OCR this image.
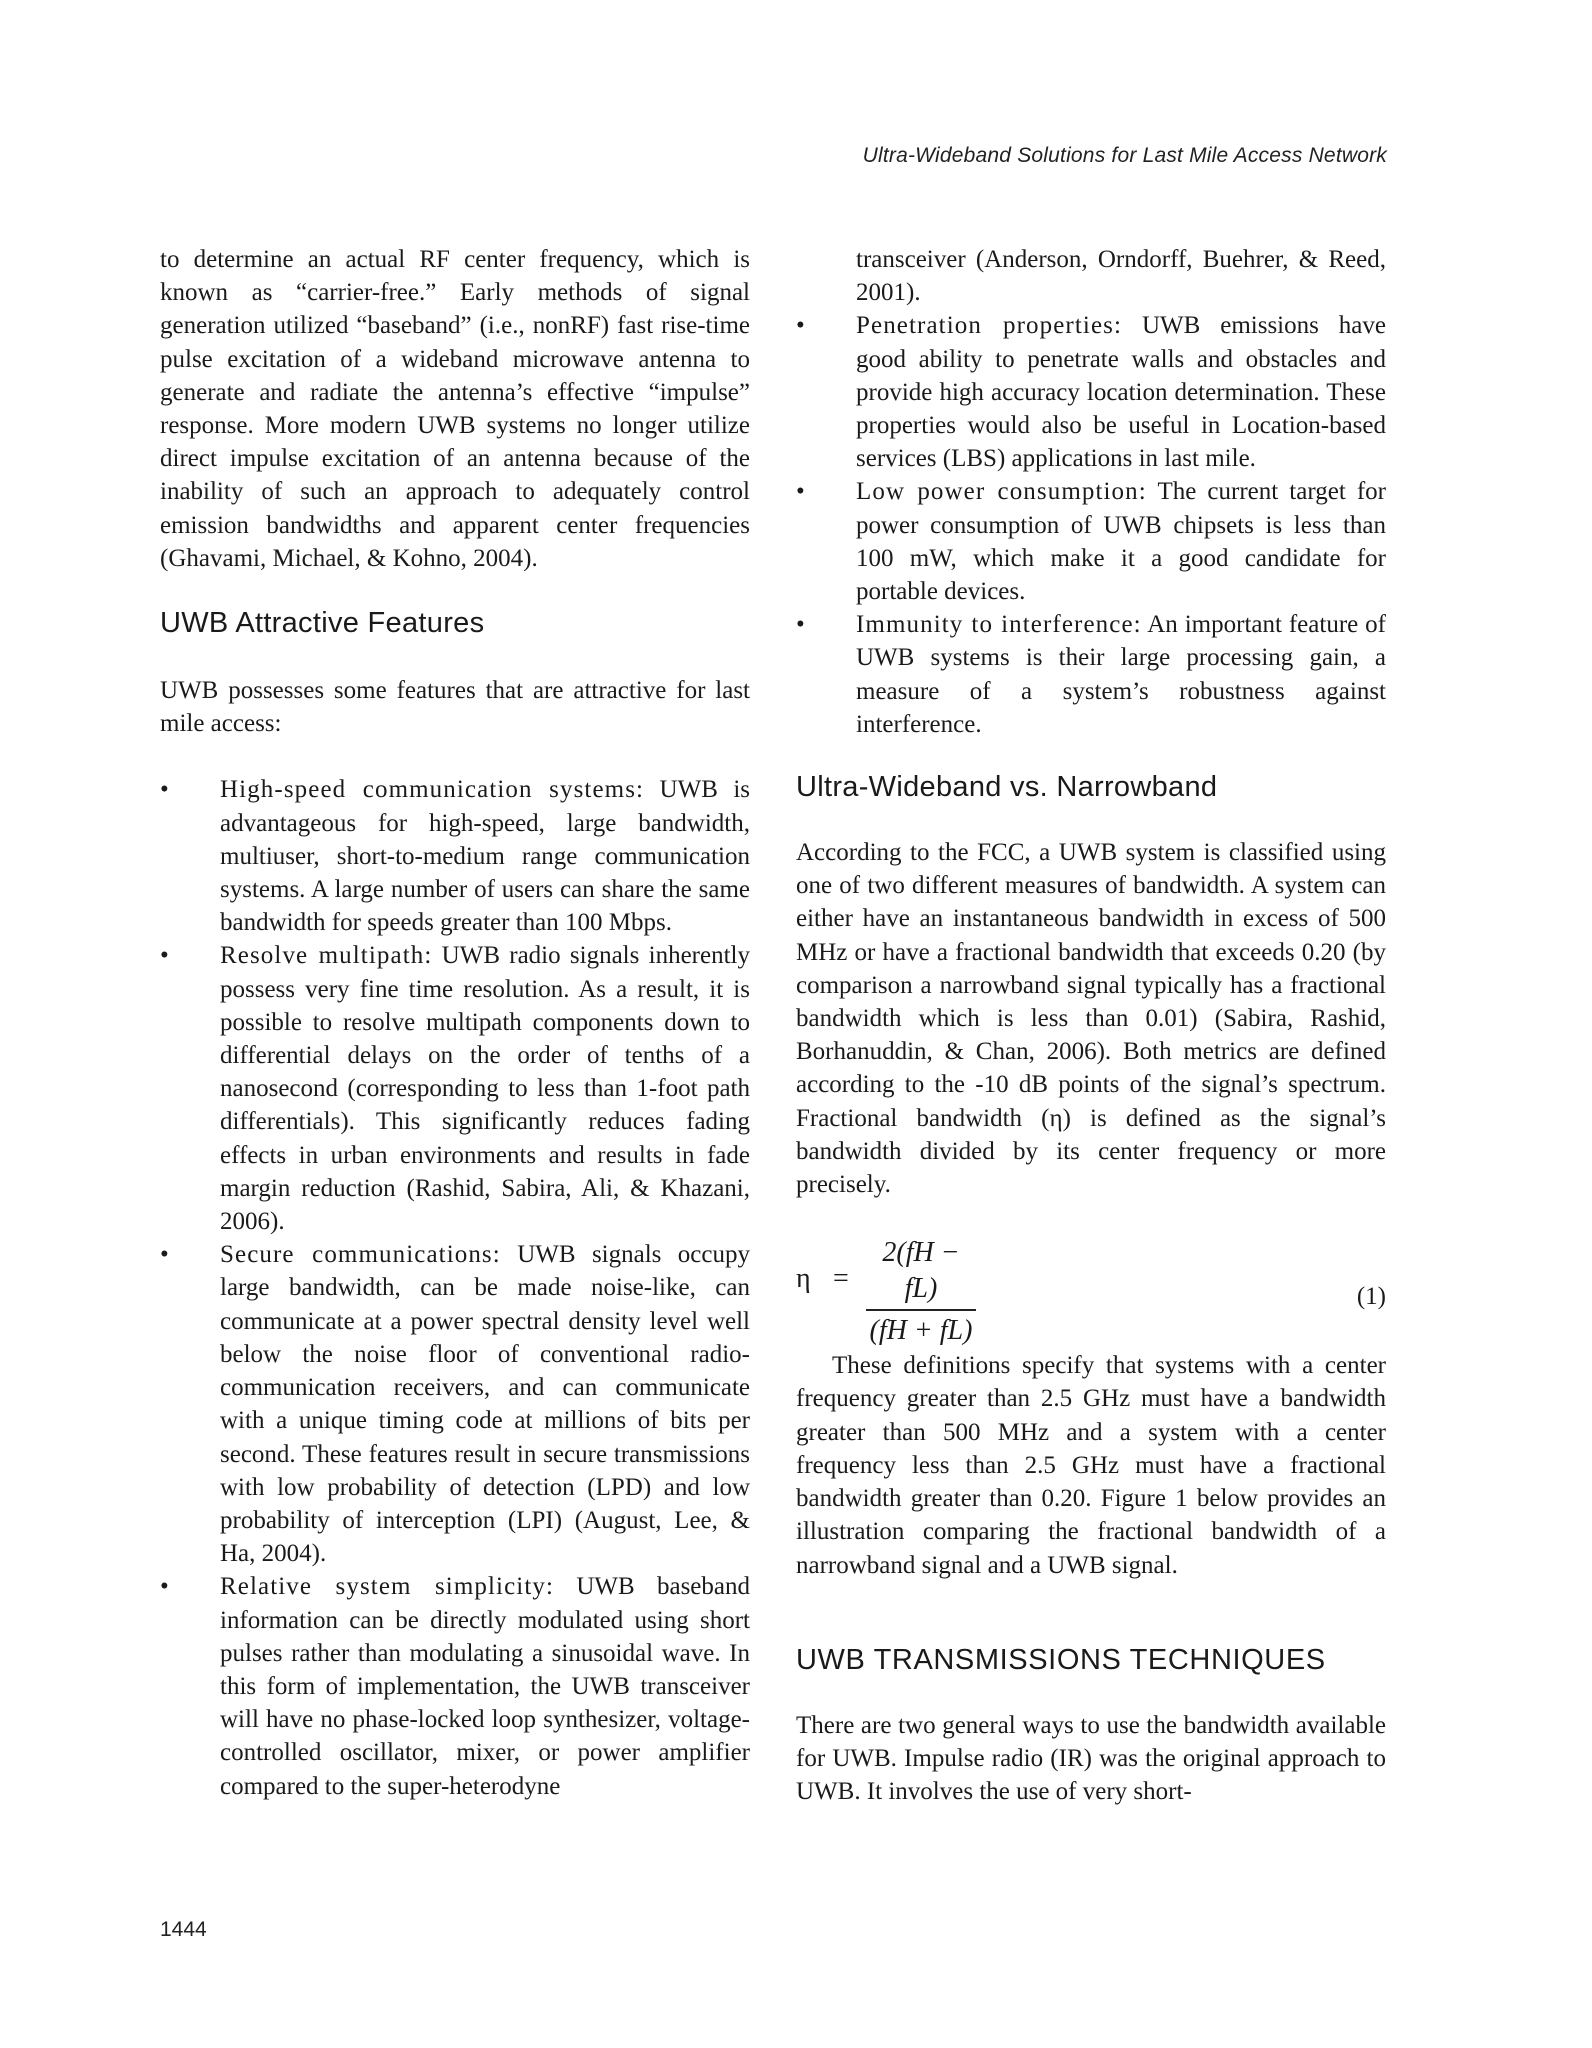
Ultra-Wideband Solutions for Last Mile Access Network

to determine an actual RF center frequency, which is known as “carrier-free.” Early methods of signal generation utilized “baseband” (i.e., nonRF) fast rise-time pulse excitation of a wideband microwave antenna to generate and radiate the antenna’s effective “impulse” response. More modern UWB systems no longer utilize direct impulse excitation of an antenna because of the inability of such an approach to adequately control emission bandwidths and apparent center frequencies (Ghavami, Michael, & Kohno, 2004).

UWB Attractive Features

UWB possesses some features that are attractive for last mile access:

•	High-speed communication systems: UWB is advantageous for high-speed, large bandwidth, multiuser, short-to-medium range communication systems. A large number of users can share the same bandwidth for speeds greater than 100 Mbps.
•	Resolve multipath: UWB radio signals inherently possess very fine time resolution. As a result, it is possible to resolve multipath components down to differential delays on the order of tenths of a nanosecond (corresponding to less than 1-foot path differentials). This significantly reduces fading effects in urban environments and results in fade margin reduction (Rashid, Sabira, Ali, & Khazani, 2006).
•	Secure communications: UWB signals occupy large bandwidth, can be made noise-like, can communicate at a power spectral density level well below the noise floor of conventional radio-communication receivers, and can communicate with a unique timing code at millions of bits per second. These features result in secure transmissions with low probability of detection (LPD) and low probability of interception (LPI) (August, Lee, & Ha, 2004).
•	Relative system simplicity: UWB baseband information can be directly modulated using short pulses rather than modulating a sinusoidal wave. In this form of implementation, the UWB transceiver will have no phase-locked loop synthesizer, voltage-controlled oscillator, mixer, or power amplifier compared to the super-heterodyne

transceiver (Anderson, Orndorff, Buehrer, & Reed, 2001).

•	Penetration properties: UWB emissions have good ability to penetrate walls and obstacles and provide high accuracy location determination. These properties would also be useful in Location-based services (LBS) applications in last mile.
•	Low power consumption: The current target for power consumption of UWB chipsets is less than 100 mW, which make it a good candidate for portable devices.
•	Immunity to interference: An important feature of UWB systems is their large processing gain, a measure of a system’s robustness against interference.
Ultra-Wideband vs. Narrowband

According to the FCC, a UWB system is classified using one of two different measures of bandwidth. A system can either have an instantaneous bandwidth in excess of 500 MHz or have a fractional bandwidth that exceeds 0.20 (by comparison a narrowband signal typically has a fractional bandwidth which is less than 0.01) (Sabira, Rashid, Borhanuddin, & Chan, 2006). Both metrics are defined according to the -10 dB points of the signal’s spectrum. Fractional bandwidth (η) is defined as the signal’s bandwidth divided by its center frequency or more precisely.

η =
2(fH − fL)
(fH + fL)
(1)

These definitions specify that systems with a center frequency greater than 2.5 GHz must have a bandwidth greater than 500 MHz and a system with a center frequency less than 2.5 GHz must have a fractional bandwidth greater than 0.20. Figure 1 below provides an illustration comparing the fractional bandwidth of a narrowband signal and a UWB signal.

UWB TRANSMISSIONS TECHNIQUES

There are two general ways to use the bandwidth available for UWB. Impulse radio (IR) was the original approach to UWB. It involves the use of very short-

1444
